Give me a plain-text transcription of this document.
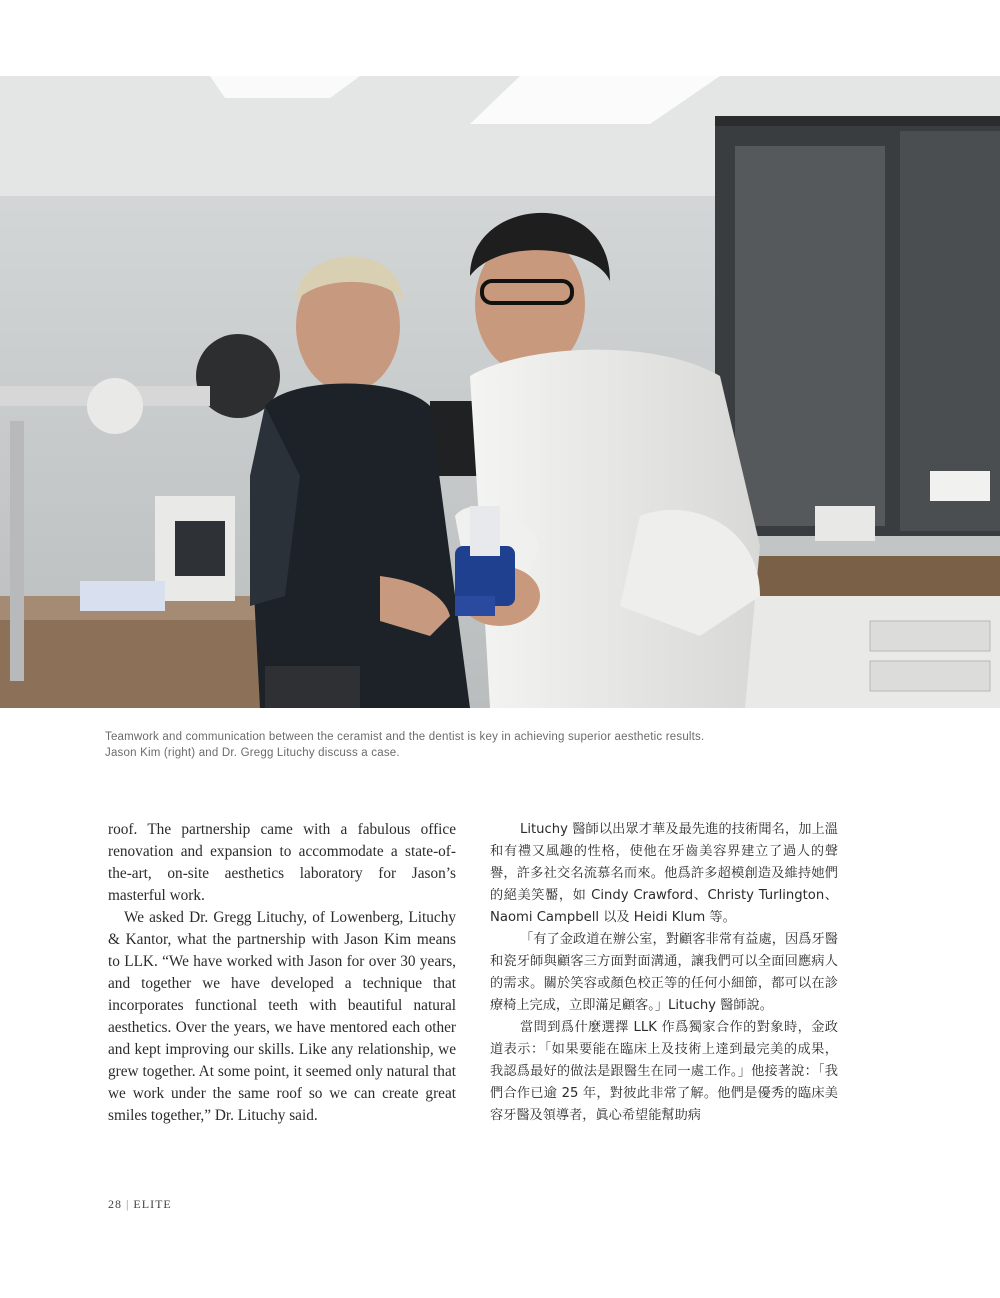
Teamwork and communication between the ceramist and the dentist is key in achieving superior aesthetic results.
Jason Kim (right) and Dr. Gregg Lituchy discuss a case.

roof. The partnership came with a fabulous office renovation and expansion to accommodate a state-of-the-art, on-site aesthetics laboratory for Jason’s masterful work.

We asked Dr. Gregg Lituchy, of Lowenberg, Lituchy & Kantor, what the partnership with Jason Kim means to LLK. “We have worked with Jason for over 30 years, and together we have developed a technique that incorporates functional teeth with beautiful natural aesthetics. Over the years, we have mentored each other and kept improving our skills. Like any relationship, we grew together. At some point, it seemed only natural that we work under the same roof so we can create great smiles together,” Dr. Lituchy said.

Lituchy 醫師以出眾才華及最先進的技術聞名，加上溫和有禮又風趣的性格，使他在牙齒美容界建立了過人的聲譽，許多社交名流慕名而來。他爲許多超模創造及維持她們的絕美笑靨，如 Cindy Crawford、Christy Turlington、Naomi Campbell 以及 Heidi Klum 等。

「有了金政道在辦公室，對顧客非常有益處，因爲牙醫和瓷牙師與顧客三方面對面溝通，讓我們可以全面回應病人的需求。關於笑容或顏色校正等的任何小細節，都可以在診療椅上完成，立即滿足顧客。」Lituchy 醫師說。

當問到爲什麼選擇 LLK 作爲獨家合作的對象時，金政道表示：「如果要能在臨床上及技術上達到最完美的成果，我認爲最好的做法是跟醫生在同一處工作。」他接著說：「我們合作已逾 25 年，對彼此非常了解。他們是優秀的臨床美容牙醫及領導者，眞心希望能幫助病

28 | ELITE
